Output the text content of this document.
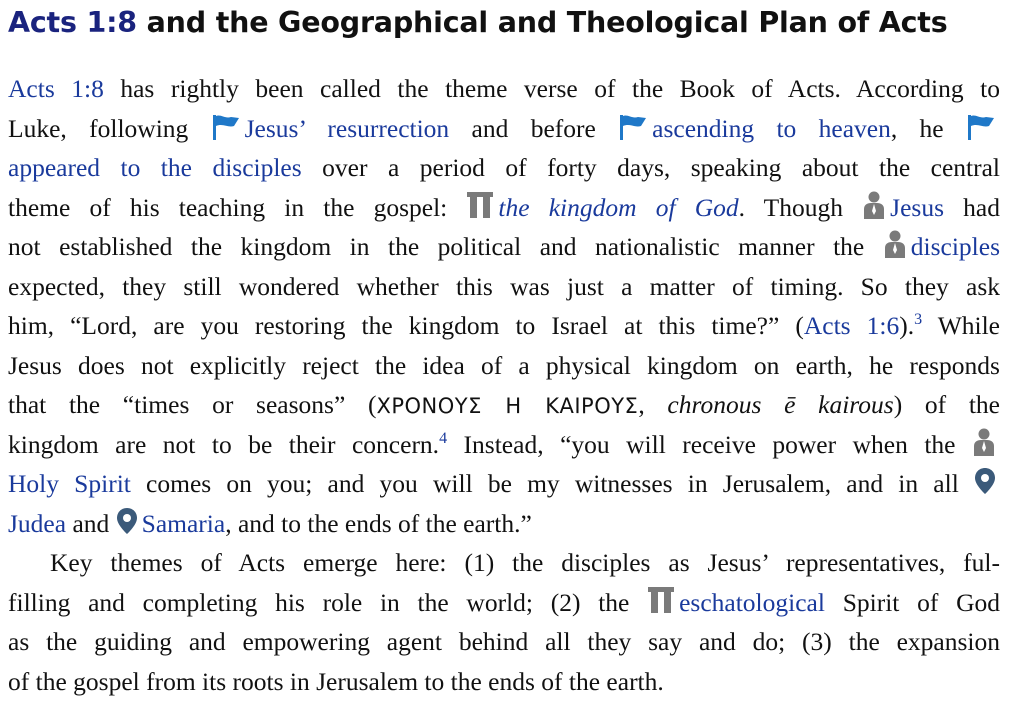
Acts 1:8 and the Geographical and Theological Plan of Acts
Acts 1:8 has rightly been called the theme verse of the Book of Acts. According to
Luke, following
Jesus’ resurrection and before
ascending to heaven, he
appeared to the disciples over a period of forty days, speaking about the central
theme of his teaching in the gospel:
the kingdom of God. Though
Jesus had
not established the kingdom in the political and nationalistic manner the
disciples
expected, they still wondered whether this was just a matter of timing. So they ask
him, “Lord, are you restoring the kingdom to Israel at this time?” (Acts 1:6).$^3$ While
Jesus does not explicitly reject the idea of a physical kingdom on earth, he responds
that the “times or seasons” (ΧΡΟΝΟΥΣ Η ΚΑΙΡΟΥΣ, chronous ē kairous) of the
kingdom are not to be their concern.$^4$ Instead, “you will receive power when the
Holy Spirit comes on you; and you will be my witnesses in Jerusalem, and in all
Judea and
Samaria, and to the ends of the earth.”
Key themes of Acts emerge here: (1) the disciples as Jesus’ representatives, ful-
filling and completing his role in the world; (2) the
eschatological Spirit of God
as the guiding and empowering agent behind all they say and do; (3) the expansion
of the gospel from its roots in Jerusalem to the ends of the earth.
